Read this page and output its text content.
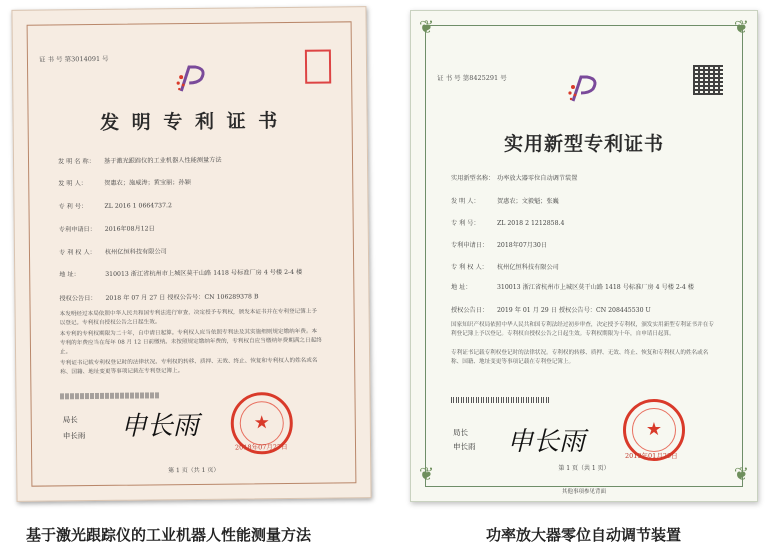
证 书 号 第3014091 号
发 明 专 利 证 书
发 明 名 称： 基于激光跟踪仪的工业机器人性能测量方法
发 明 人：	贺惠农；施威涛；黄宝丽；孙颖
专 利 号：	ZL 2016 1 0664737.2
专利申请日： 2016年08月12日
专 利 权 人： 杭州亿恒科技有限公司
地 址：	310013 浙江省杭州市上城区莫干山路 1418 号标准厂房 4 号楼 2-4 楼
授权公告日： 2018 年 07 月 27 日 授权公告号：CN 106289378 B
本发明经过本局依照中华人民共和国专利法进行审查，决定授予专利权，颁发本证书并在专利登记簿上予以登记。专利权自授权公告之日起生效。
本专利的专利权期限为二十年，自申请日起算。专利权人应当依照专利法及其实施细则规定缴纳年费。本专利的年费应当在每年 08 月 12 日前缴纳。未按照规定缴纳年费的，专利权自应当缴纳年费期满之日起终止。
专利证书记载专利权登记时的法律状况。专利权的转移、质押、无效、终止、恢复和专利权人的姓名或名称、国籍、地址变更等事项记载在专利登记簿上。
局长
申长雨 申长雨	★
2018年07月27日
第 1 页（共 1 页）
❦	❦
❦	❦
证 书 号 第8425291 号
实用新型专利证书
实用新型名称： 功率放大器零位自动调节装置
发 明 人：	贺惠农；文毅魁；张巍
专 利 号：	ZL 2018 2 1212858.4
专利申请日： 2018年07月30日
专 利 权 人： 杭州亿恒科技有限公司
地 址：	310013 浙江省杭州市上城区莫干山路 1418 号标准厂房 4 号楼 2-4 楼
授权公告日： 2019 年 01 月 29 日 授权公告号：CN 208445530 U
国家知识产权局依照中华人民共和国专利法经过初步审查，决定授予专利权，颁发实用新型专利证书并在专利登记簿上予以登记。专利权自授权公告之日起生效。专利权期限为十年，自申请日起算。
专利证书记载专利权登记时的法律状况。专利权的转移、质押、无效、终止、恢复和专利权人的姓名或名称、国籍、地址变更等事项记载在专利登记簿上。
局长
申长雨 申长雨	★
2019年01月29日
第 1 页（共 1 页）
其他事项参见背面
基于激光跟踪仪的工业机器人性能测量方法	功率放大器零位自动调节装置
